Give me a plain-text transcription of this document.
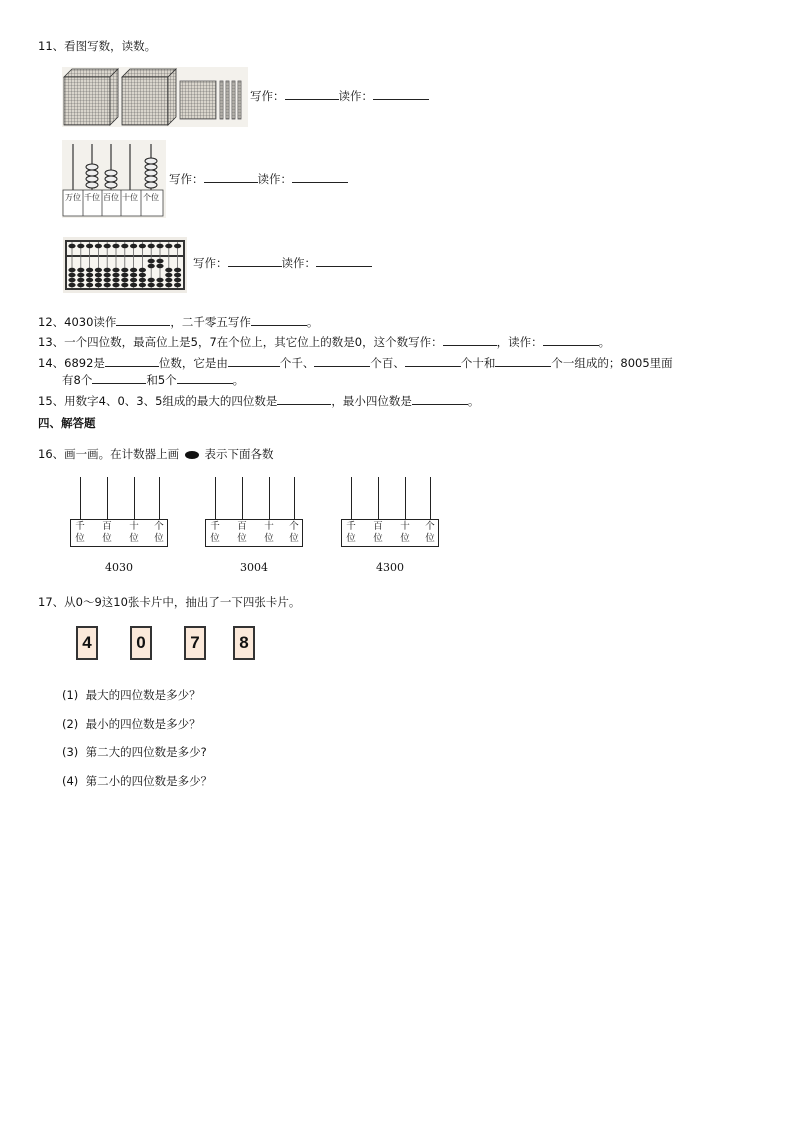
11、看图写数，读数。
写作：	读作：
万位 千位 百位 十位 个位
写作：	读作：
写作：	读作：
12、4030读作	，二千零五写作	。
13、一个四位数，最高位上是5，7在个位上，其它位上的数是0，这个数写作：	，读作：	。
14、6892是	位数，它是由	个千、	个百、	个十和	个一组成的；8005里面
有8个	和5个	。
15、用数字4、0、3、5组成的最大的四位数是	，最小四位数是	。
四、解答题
16、画一画。在计数器上画 表示下面各数
千位
百位
十位
个位
4030
千位
百位
十位
个位
3004
千位
百位
十位
个位
4300
17、从0～9这10张卡片中，抽出了一下四张卡片。
4	0	7	8
(1) 最大的四位数是多少？
(2) 最小的四位数是多少？
(3) 第二大的四位数是多少?
(4) 第二小的四位数是多少？
